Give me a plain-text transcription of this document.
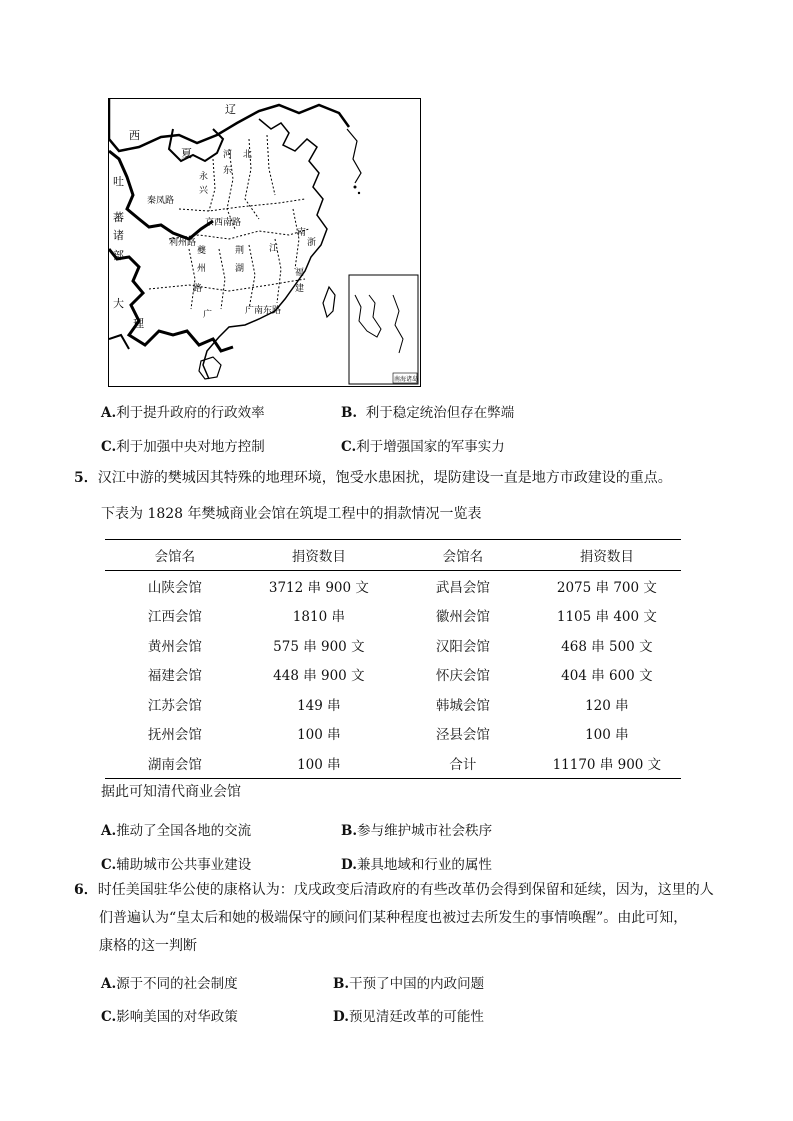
南海诸岛
辽
西
夏
吐
蕃
诸
部
大
理
河 北
东
永
兴
秦凤路
京西南路
利州路
夔
州
路
荆
湖
江
南
浙
福
建
广南东路
广
A.利于提升政府的行政效率	B. 利于稳定统治但存在弊端
C.利于加强中央对地方控制	C.利于增强国家的军事实力
5．汉江中游的樊城因其特殊的地理环境，饱受水患困扰，堤防建设一直是地方市政建设的重点。
下表为 1828 年樊城商业会馆在筑堤工程中的捐款情况一览表
会馆名	捐资数目	会馆名	捐资数目
山陕会馆	3712 串 900 文	武昌会馆	2075 串 700 文
江西会馆	1810 串	徽州会馆	1105 串 400 文
黄州会馆	575 串 900 文	汉阳会馆	468 串 500 文
福建会馆	448 串 900 文	怀庆会馆	404 串 600 文
江苏会馆	149 串	韩城会馆	120 串
抚州会馆	100 串	泾县会馆	100 串
湖南会馆	100 串	合计	11170 串 900 文
据此可知清代商业会馆
A.推动了全国各地的交流	B.参与维护城市社会秩序
C.辅助城市公共事业建设	D.兼具地域和行业的属性
6．时任美国驻华公使的康格认为：戊戌政变后清政府的有些改革仍会得到保留和延续，因为，这里的人
们普遍认为“皇太后和她的极端保守的顾问们某种程度也被过去所发生的事情唤醒”。由此可知，
康格的这一判断
A.源于不同的社会制度	B.干预了中国的内政问题
C.影响美国的对华政策	D.预见清廷改革的可能性
